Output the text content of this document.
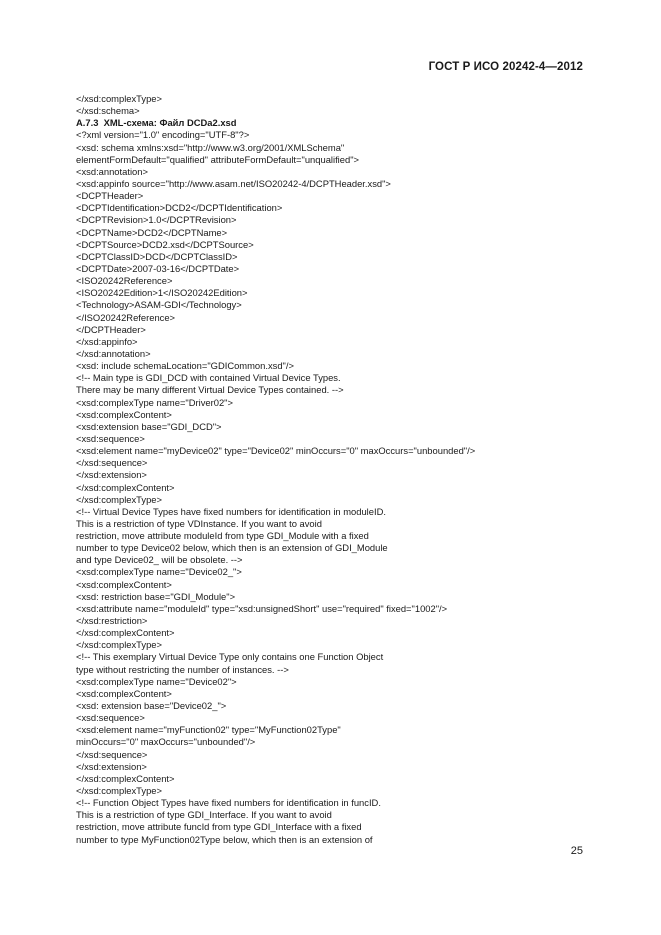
ГОСТ Р ИСО 20242-4—2012
</xsd:complexType>
</xsd:schema>
A.7.3  XML-схема: Файл DCDa2.xsd
<?xml version="1.0" encoding="UTF-8"?>
<xsd: schema xmlns:xsd="http://www.w3.org/2001/XMLSchema"
elementFormDefault="qualified" attributeFormDefault="unqualified">
<xsd:annotation>
<xsd:appinfo source="http://www.asam.net/ISO20242-4/DCPTHeader.xsd">
<DCPTHeader>
<DCPTIdentification>DCD2</DCPTIdentification>
<DCPTRevision>1.0</DCPTRevision>
<DCPTName>DCD2</DCPTName>
<DCPTSource>DCD2.xsd</DCPTSource>
<DCPTClassID>DCD</DCPTClassID>
<DCPTDate>2007-03-16</DCPTDate>
<ISO20242Reference>
<ISO20242Edition>1</ISO20242Edition>
<Technology>ASAM-GDI</Technology>
</ISO20242Reference>
</DCPTHeader>
</xsd:appinfo>
</xsd:annotation>
<xsd: include schemaLocation="GDICommon.xsd"/>
<!-- Main type is GDI_DCD with contained Virtual Device Types.
There may be many different Virtual Device Types contained. -->
<xsd:complexType name="Driver02">
<xsd:complexContent>
<xsd:extension base="GDI_DCD">
<xsd:sequence>
<xsd:element name="myDevice02" type="Device02" minOccurs="0" maxOccurs="unbounded"/>
</xsd:sequence>
</xsd:extension>
</xsd:complexContent>
</xsd:complexType>
<!-- Virtual Device Types have fixed numbers for identification in moduleID.
This is a restriction of type VDInstance. If you want to avoid
restriction, move attribute moduleId from type GDI_Module with a fixed
number to type Device02 below, which then is an extension of GDI_Module
and type Device02_ will be obsolete. -->
<xsd:complexType name="Device02_">
<xsd:complexContent>
<xsd: restriction base="GDI_Module">
<xsd:attribute name="moduleId" type="xsd:unsignedShort" use="required" fixed="1002"/>
</xsd:restriction>
</xsd:complexContent>
</xsd:complexType>
<!-- This exemplary Virtual Device Type only contains one Function Object
type without restricting the number of instances. -->
<xsd:complexType name="Device02">
<xsd:complexContent>
<xsd: extension base="Device02_">
<xsd:sequence>
<xsd:element name="myFunction02" type="MyFunction02Type"
minOccurs="0" maxOccurs="unbounded"/>
</xsd:sequence>
</xsd:extension>
</xsd:complexContent>
</xsd:complexType>
<!-- Function Object Types have fixed numbers for identification in funcID.
This is a restriction of type GDI_Interface. If you want to avoid
restriction, move attribute funcId from type GDI_Interface with a fixed
number to type MyFunction02Type below, which then is an extension of
25
